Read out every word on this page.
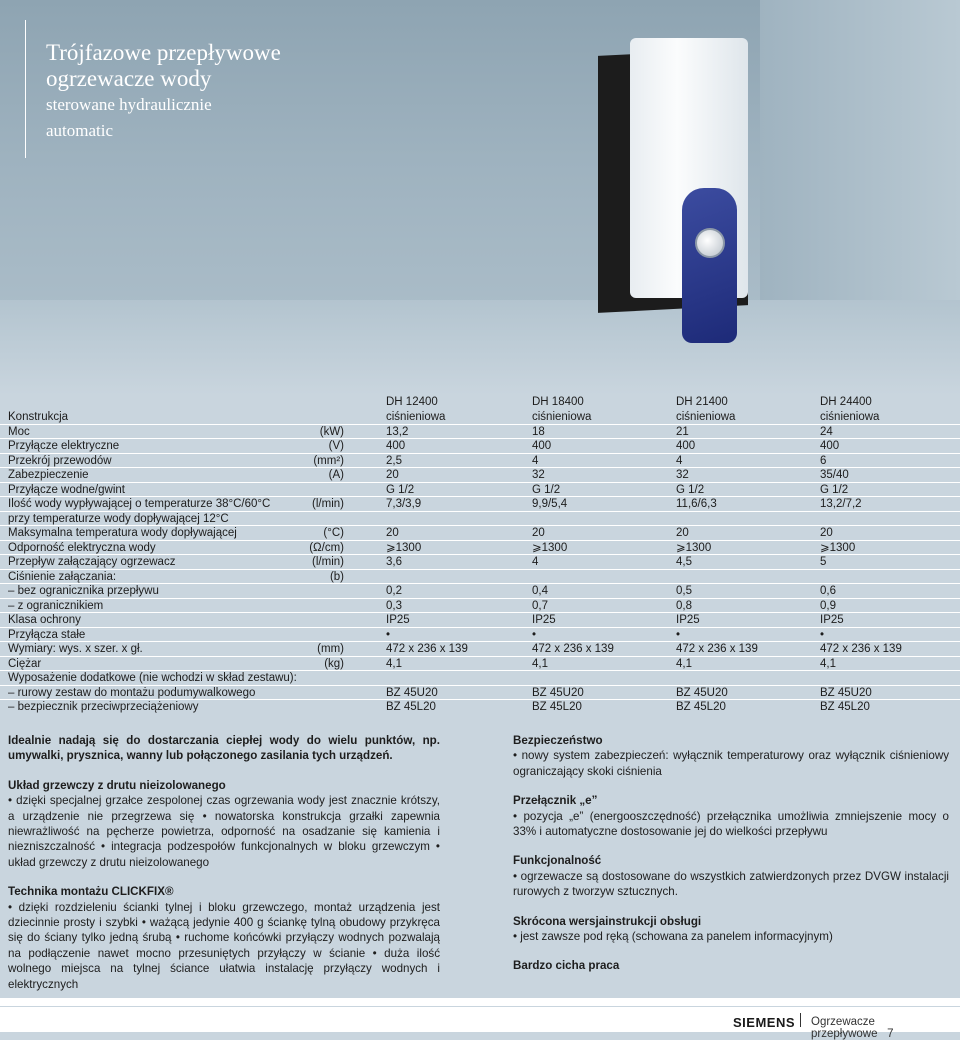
Trójfazowe przepływowe
ogrzewacze wody
sterowane hydraulicznie
automatic
DH 12400	DH 18400	DH 21400	DH 24400
Konstrukcja	ciśnieniowa	ciśnieniowa	ciśnieniowa	ciśnieniowa
Moc	(kW)	13,2	18	21	24
Przyłącze elektryczne	(V)	400	400	400	400
Przekrój przewodów	(mm²)	2,5	4	4	6
Zabezpieczenie	(A)	20	32	32	35/40
Przyłącze wodne/gwint	G 1/2	G 1/2	G 1/2	G 1/2
Ilość wody wypływającej o temperaturze 38°C/60°C	(l/min)	7,3/3,9	9,9/5,4	11,6/6,3	13,2/7,2
przy temperaturze wody dopływającej 12°C
Maksymalna temperatura wody dopływającej	(°C)	20	20	20	20
Odporność elektryczna wody	(Ω/cm)	⩾1300	⩾1300	⩾1300	⩾1300
Przepływ załączający ogrzewacz	(l/min)	3,6	4	4,5	5
Ciśnienie załączania:	(b)
– bez ogranicznika przepływu	0,2	0,4	0,5	0,6
– z ogranicznikiem	0,3	0,7	0,8	0,9
Klasa ochrony	IP25	IP25	IP25	IP25
Przyłącza stałe	•	•	•	•
Wymiary: wys. x szer. x gł.	(mm)	472 x 236 x 139	472 x 236 x 139	472 x 236 x 139	472 x 236 x 139
Ciężar	(kg)	4,1	4,1	4,1	4,1
Wyposażenie dodatkowe (nie wchodzi w skład zestawu):
– rurowy zestaw do montażu podumywalkowego	BZ 45U20	BZ 45U20	BZ 45U20	BZ 45U20
– bezpiecznik przeciwprzeciążeniowy	BZ 45L20	BZ 45L20	BZ 45L20	BZ 45L20

Idealnie nadają się do dostarczania ciepłej wody do wielu punktów, np. umywalki, prysznica, wanny lub połączonego zasilania tych urządzeń.

Układ grzewczy z drutu nieizolowanego

• dzięki specjalnej grzałce zespolonej czas ogrzewania wody jest znacznie krótszy, a urządzenie nie przegrzewa się • nowatorska konstrukcja grzałki zapewnia niewrażliwość na pęcherze powietrza, odporność na osadzanie się kamienia i niezniszczalność • integracja podzespołów funkcjonalnych w bloku grzewczym • układ grzewczy z drutu nieizolowanego

Technika montażu CLICKFIX®

• dzięki rozdzieleniu ścianki tylnej i bloku grzewczego, montaż urządzenia jest dziecinnie prosty i szybki • ważącą jedynie 400 g ściankę tylną obudowy przykręca się do ściany tylko jedną śrubą • ruchome końcówki przyłączy wodnych pozwalają na podłączenie nawet mocno przesuniętych przyłączy w ścianie • duża ilość wolnego miejsca na tylnej ściance ułatwia instalację przyłączy wodnych i elektrycznych

Bezpieczeństwo

• nowy system zabezpieczeń: wyłącznik temperaturowy oraz wyłącznik ciśnieniowy ograniczający skoki ciśnienia

Przełącznik „e”

• pozycja „e” (energooszczędność) przełącznika umożliwia zmniejszenie mocy o 33% i automatyczne dostosowanie jej do wielkości przepływu

Funkcjonalność

• ogrzewacze są dostosowane do wszystkich zatwierdzonych przez DVGW instalacji rurowych z tworzyw sztucznych.

Skrócona wersjainstrukcji obsługi

• jest zawsze pod ręką (schowana za panelem informacyjnym)

Bardzo cicha praca

SIEMENS Ogrzewacze przepływowe 7
